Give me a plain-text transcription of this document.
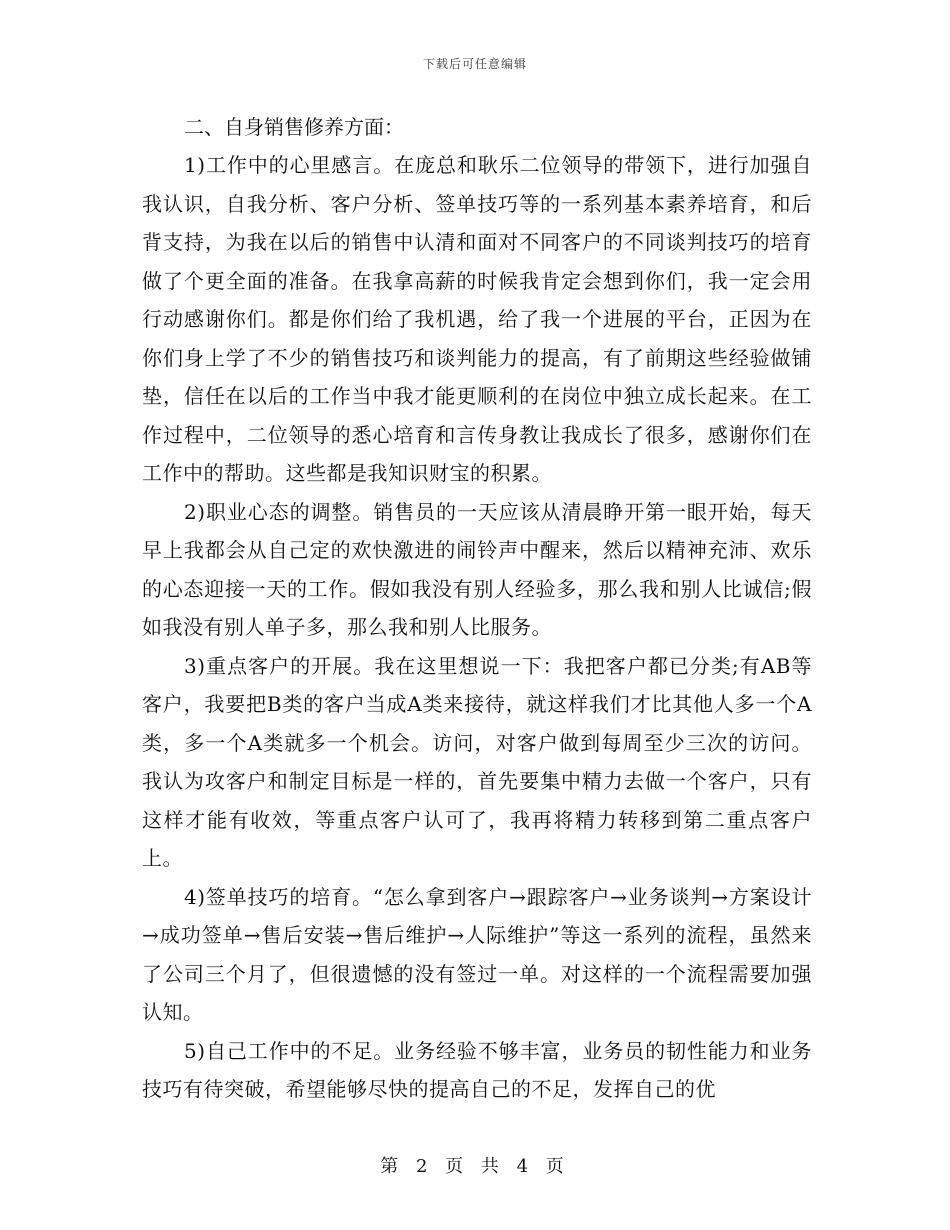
下载后可任意编辑

二、自身销售修养方面：

1)工作中的心里感言。在庞总和耿乐二位领导的带领下，进行加强自我认识，自我分析、客户分析、签单技巧等的一系列基本素养培育，和后背支持，为我在以后的销售中认清和面对不同客户的不同谈判技巧的培育做了个更全面的准备。在我拿高薪的时候我肯定会想到你们，我一定会用行动感谢你们。都是你们给了我机遇，给了我一个进展的平台，正因为在你们身上学了不少的销售技巧和谈判能力的提高，有了前期这些经验做铺垫，信任在以后的工作当中我才能更顺利的在岗位中独立成长起来。在工作过程中，二位领导的悉心培育和言传身教让我成长了很多，感谢你们在工作中的帮助。这些都是我知识财宝的积累。

2)职业心态的调整。销售员的一天应该从清晨睁开第一眼开始，每天早上我都会从自己定的欢快激进的闹铃声中醒来，然后以精神充沛、欢乐的心态迎接一天的工作。假如我没有别人经验多，那么我和别人比诚信;假如我没有别人单子多，那么我和别人比服务。

3)重点客户的开展。我在这里想说一下：我把客户都已分类;有AB等客户，我要把B类的客户当成A类来接待，就这样我们才比其他人多一个A类，多一个A类就多一个机会。访问，对客户做到每周至少三次的访问。我认为攻客户和制定目标是一样的，首先要集中精力去做一个客户，只有这样才能有收效，等重点客户认可了，我再将精力转移到第二重点客户上。

4)签单技巧的培育。“怎么拿到客户→跟踪客户→业务谈判→方案设计→成功签单→售后安装→售后维护→人际维护”等这一系列的流程，虽然来了公司三个月了，但很遗憾的没有签过一单。对这样的一个流程需要加强认知。

5)自己工作中的不足。业务经验不够丰富，业务员的韧性能力和业务技巧有待突破，希望能够尽快的提高自己的不足，发挥自己的优

第 2 页 共 4 页
